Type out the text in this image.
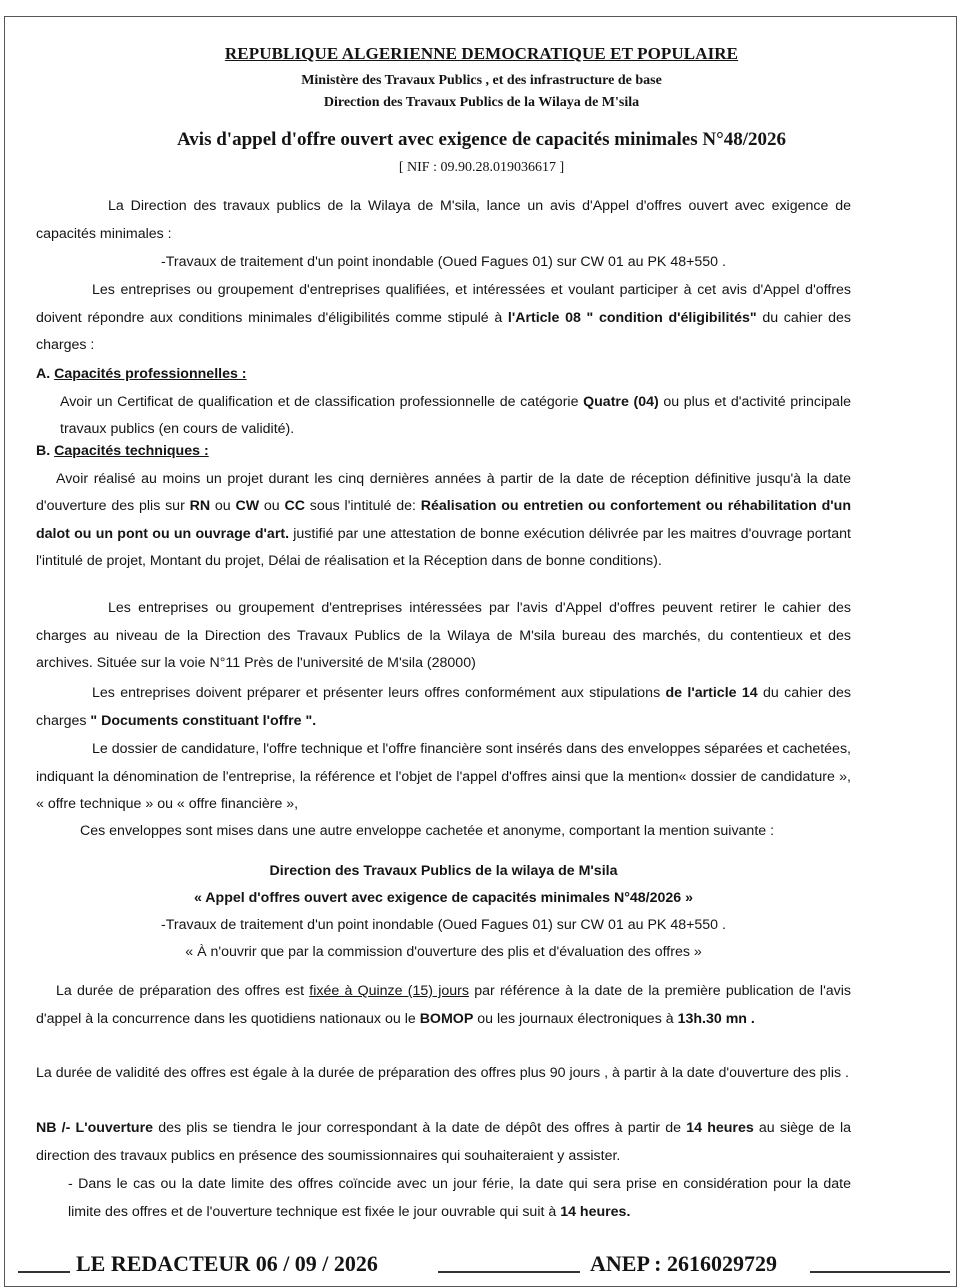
REPUBLIQUE ALGERIENNE DEMOCRATIQUE ET POPULAIRE
Ministère des Travaux Publics , et des infrastructure de base
Direction des Travaux Publics de la Wilaya de M'sila
Avis d'appel d'offre ouvert avec exigence de capacités minimales N°48/2026
[ NIF : 09.90.28.019036617 ]

La Direction des travaux publics de la Wilaya de M'sila, lance un avis d'Appel d'offres ouvert avec exigence de capacités minimales :

-Travaux de traitement d'un point inondable (Oued Fagues 01) sur CW 01 au PK 48+550 .

Les entreprises ou groupement d'entreprises qualifiées, et intéressées et voulant participer à cet avis d'Appel d'offres doivent répondre aux conditions minimales d'éligibilités comme stipulé à l'Article 08 " condition d'éligibilités" du cahier des charges :

A. Capacités professionnelles :

Avoir un Certificat de qualification et de classification professionnelle de catégorie Quatre (04) ou plus et d'activité principale travaux publics (en cours de validité).

B. Capacités techniques :

Avoir réalisé au moins un projet durant les cinq dernières années à partir de la date de réception définitive jusqu'à la date d'ouverture des plis sur RN ou CW ou CC sous l'intitulé de: Réalisation ou entretien ou confortement ou réhabilitation d'un dalot ou un pont ou un ouvrage d'art. justifié par une attestation de bonne exécution délivrée par les maitres d'ouvrage portant l'intitulé de projet, Montant du projet, Délai de réalisation et la Réception dans de bonne conditions).

Les entreprises ou groupement d'entreprises intéressées par l'avis d'Appel d'offres peuvent retirer le cahier des charges au niveau de la Direction des Travaux Publics de la Wilaya de M'sila bureau des marchés, du contentieux et des archives. Située sur la voie N°11 Près de l'université de M'sila (28000)

Les entreprises doivent préparer et présenter leurs offres conformément aux stipulations de l'article 14 du cahier des charges " Documents constituant l'offre ".

Le dossier de candidature, l'offre technique et l'offre financière sont insérés dans des enveloppes séparées et cachetées, indiquant la dénomination de l'entreprise, la référence et l'objet de l'appel d'offres ainsi que la mention« dossier de candidature », « offre technique » ou « offre financière »,

Ces enveloppes sont mises dans une autre enveloppe cachetée et anonyme, comportant la mention suivante :

Direction des Travaux Publics de la wilaya de M'sila

« Appel d'offres ouvert avec exigence de capacités minimales N°48/2026 »

-Travaux de traitement d'un point inondable (Oued Fagues 01) sur CW 01 au PK 48+550 .

« À n'ouvrir que par la commission d'ouverture des plis et d'évaluation des offres »

La durée de préparation des offres est fixée à Quinze (15) jours par référence à la date de la première publication de l'avis d'appel à la concurrence dans les quotidiens nationaux ou le BOMOP ou les journaux électroniques à 13h.30 mn .

La durée de validité des offres est égale à la durée de préparation des offres plus 90 jours , à partir à la date d'ouverture des plis .

NB /- L'ouverture des plis se tiendra le jour correspondant à la date de dépôt des offres à partir de 14 heures au siège de la direction des travaux publics en présence des soumissionnaires qui souhaiteraient y assister.

- Dans le cas ou la date limite des offres coïncide avec un jour férie, la date qui sera prise en considération pour la date limite des offres et de l'ouverture technique est fixée le jour ouvrable qui suit à 14 heures.

LE REDACTEUR 06 / 09 / 2026	ANEP : 2616029729
